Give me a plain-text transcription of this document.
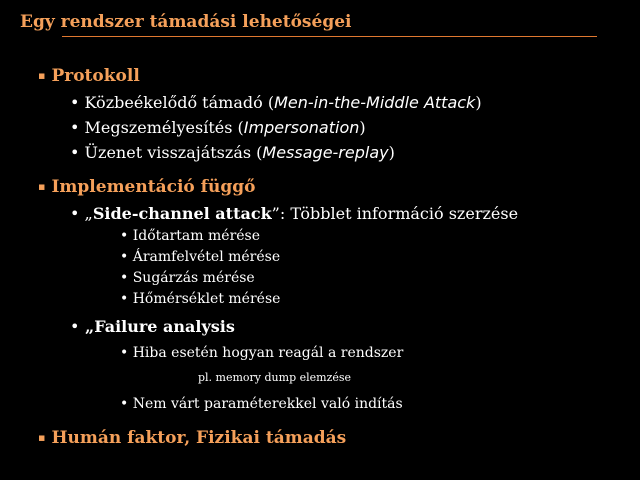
Egy rendszer támadási lehetőségei
▪ Protokoll
• Közbeékelődő támadó (Men-in-the-Middle Attack)
• Megszemélyesítés (Impersonation)
• Üzenet visszajátszás (Message-replay)
▪ Implementáció függő
• „Side-channel attack”: Többlet információ szerzése
• Időtartam mérése
• Áramfelvétel mérése
• Sugárzás mérése
• Hőmérséklet mérése
• „Failure analysis
• Hiba esetén hogyan reagál a rendszer
pl. memory dump elemzése
• Nem várt paraméterekkel való indítás
▪ Humán faktor, Fizikai támadás
